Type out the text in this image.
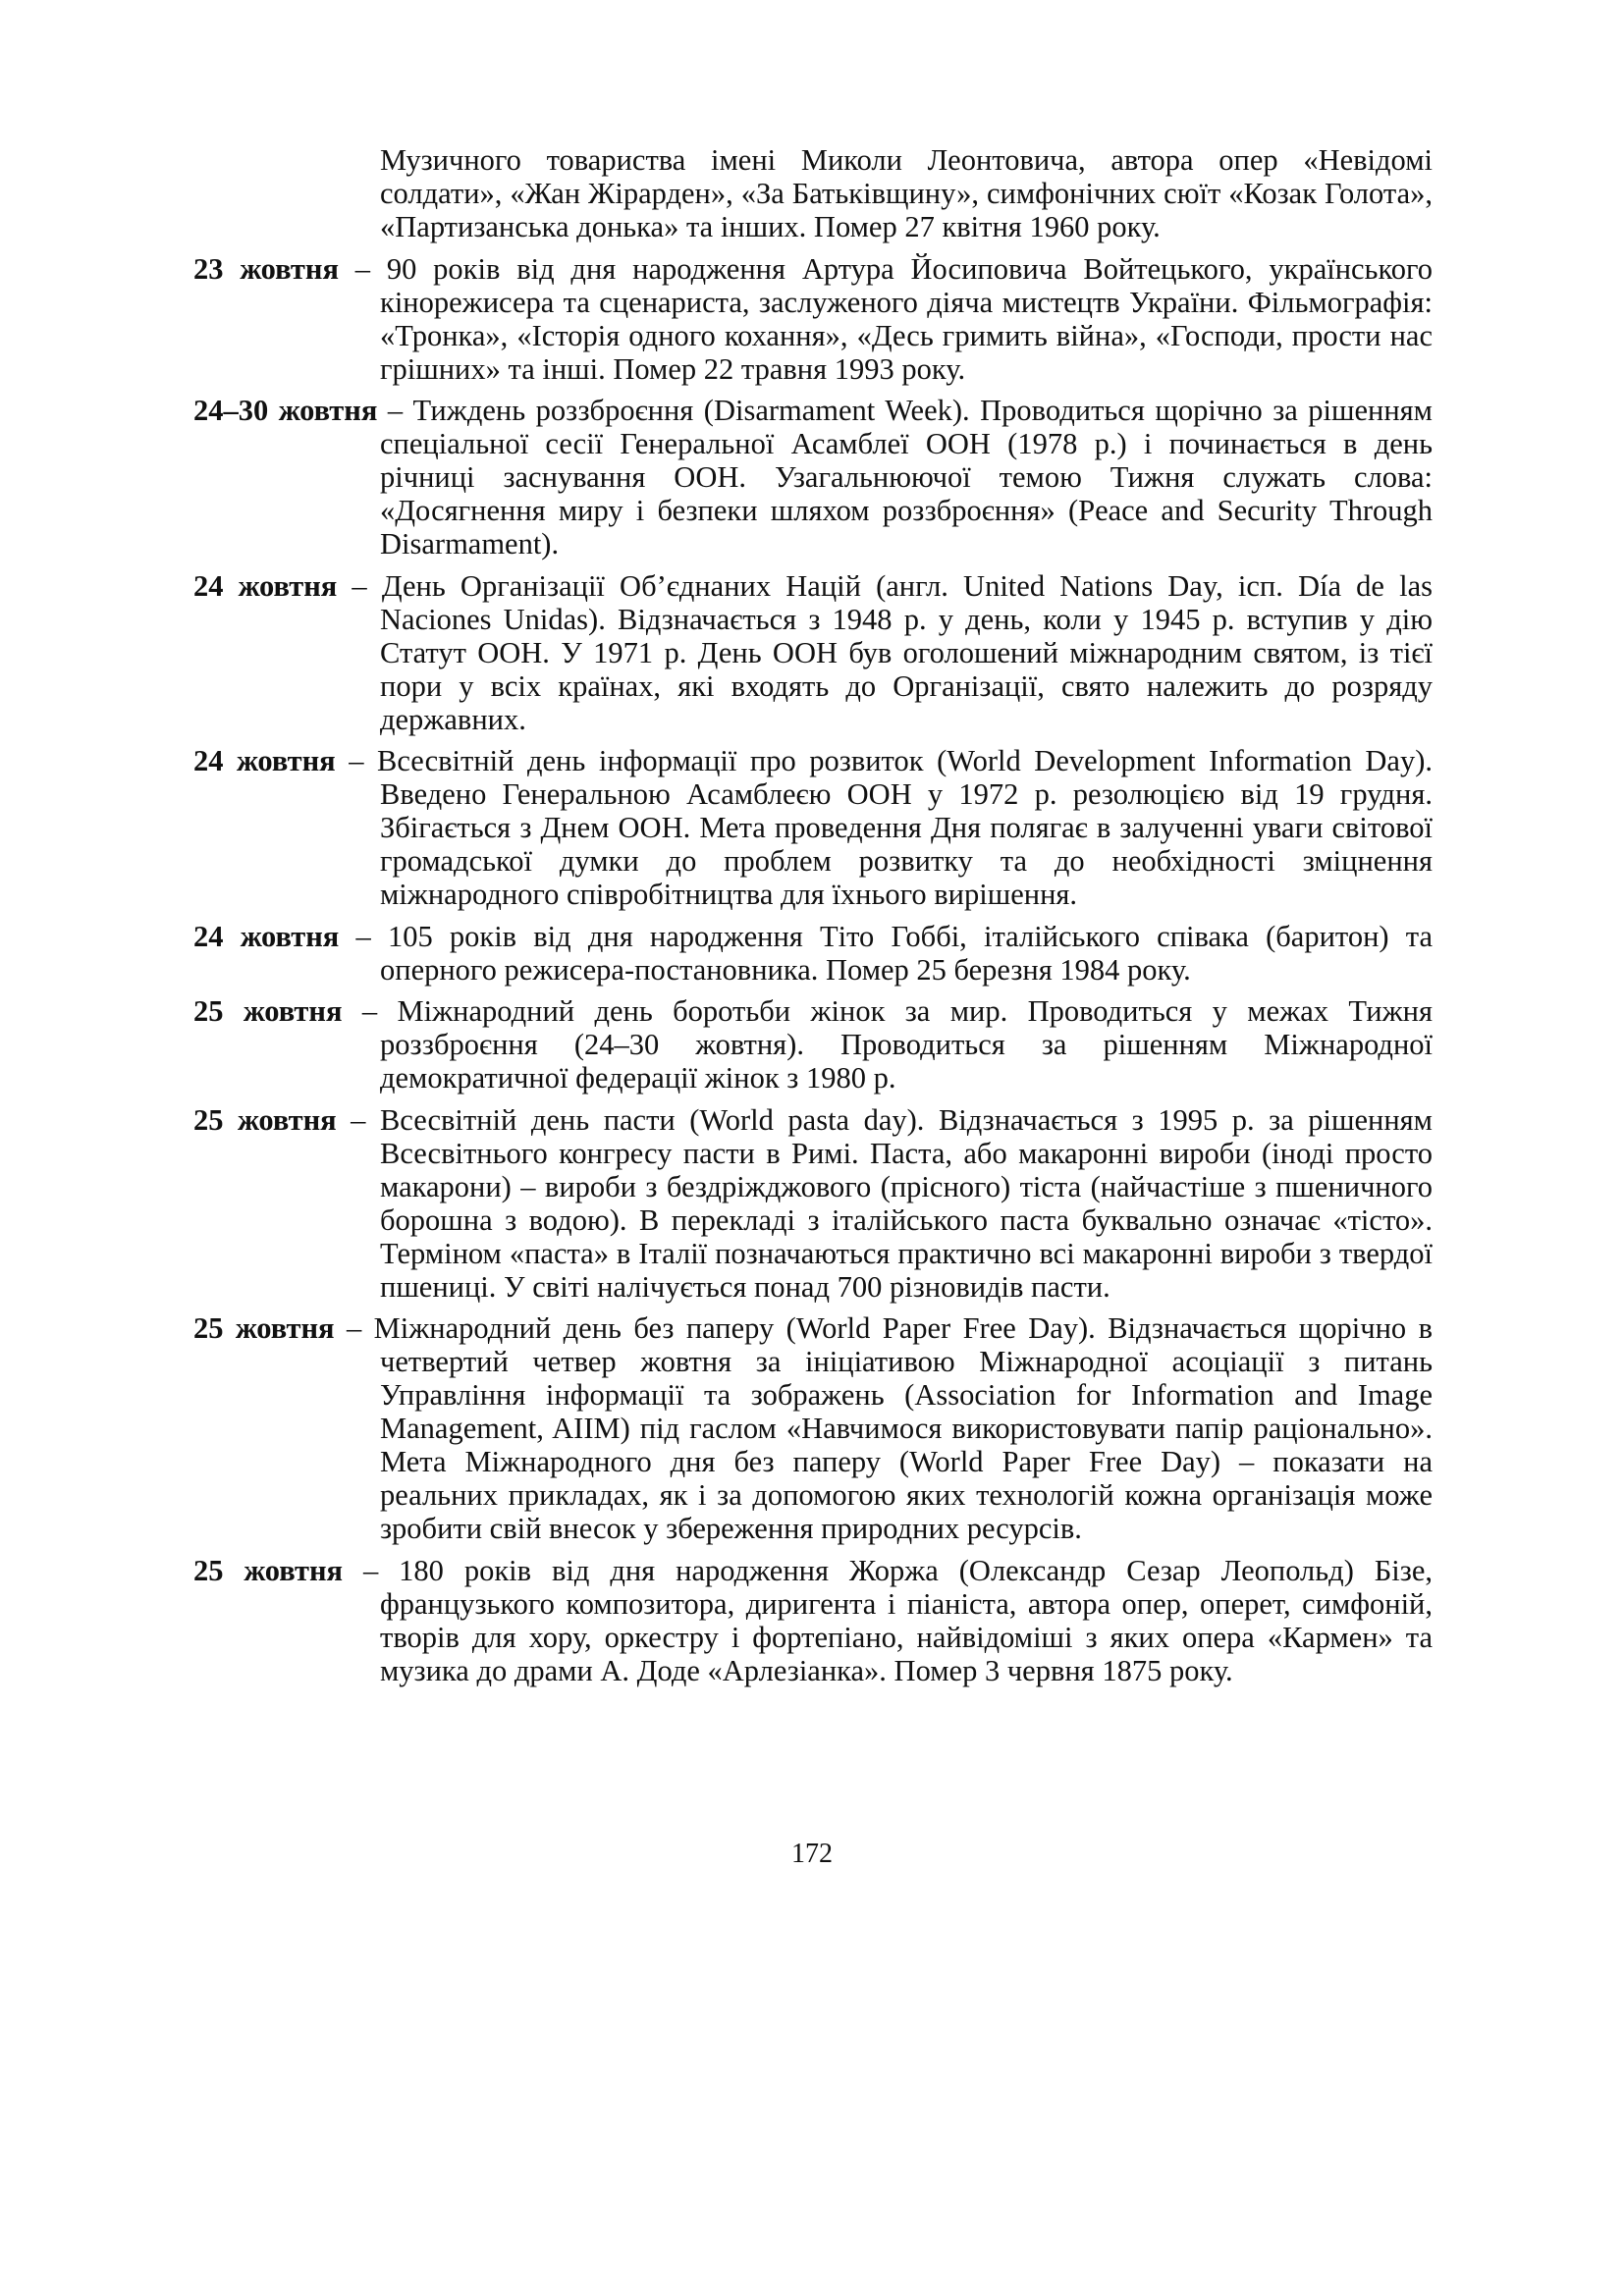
Музичного товариства імені Миколи Леонтовича, автора опер «Невідомі солдати», «Жан Жірарден», «За Батьківщину», симфонічних сюїт «Козак Голота», «Партизанська донька» та інших. Помер 27 квітня 1960 року.

23 жовтня – 90 років від дня народження Артура Йосиповича Войтецького, українського кінорежисера та сценариста, заслуженого діяча мистецтв України. Фільмографія: «Тронка», «Історія одного кохання», «Десь гримить війна», «Господи, прости нас грішних» та інші. Помер 22 травня 1993 року.

24–30 жовтня – Тиждень роззброєння (Disarmament Week). Проводиться щорічно за рішенням спеціальної сесії Генеральної Асамблеї ООН (1978 р.) і починається в день річниці заснування ООН. Узагальнюючої темою Тижня служать слова: «Досягнення миру і безпеки шляхом роззброєння» (Peace and Security Through Disarmament).

24 жовтня – День Організації Об’єднаних Націй (англ. United Nations Day, ісп. Día de las Naciones Unidas). Відзначається з 1948 р. у день, коли у 1945 р. вступив у дію Статут ООН. У 1971 р. День ООН був оголошений міжнародним святом, із тієї пори у всіх країнах, які входять до Організації, свято належить до розряду державних.

24 жовтня – Всесвітній день інформації про розвиток (World Development Information Day). Введено Генеральною Асамблеєю ООН у 1972 р. резолюцією від 19 грудня. Збігається з Днем ООН. Мета проведення Дня полягає в залученні уваги світової громадської думки до проблем розвитку та до необхідності зміцнення міжнародного співробітництва для їхнього вирішення.

24 жовтня – 105 років від дня народження Тіто Гоббі, італійського співака (баритон) та оперного режисера-постановника. Помер 25 березня 1984 року.

25 жовтня – Міжнародний день боротьби жінок за мир. Проводиться у межах Тижня роззброєння (24–30 жовтня). Проводиться за рішенням Міжнародної демократичної федерації жінок з 1980 р.

25 жовтня – Всесвітній день пасти (World pasta day). Відзначається з 1995 р. за рішенням Всесвітнього конгресу пасти в Римі. Паста, або макаронні вироби (іноді просто макарони) – вироби з бездріжджового (прісного) тіста (найчастіше з пшеничного борошна з водою). В перекладі з італійського паста буквально означає «тісто». Терміном «паста» в Італії позначаються практично всі макаронні вироби з твердої пшениці. У світі налічується понад 700 різновидів пасти.

25 жовтня – Міжнародний день без паперу (World Paper Free Day). Відзначається щорічно в четвертий четвер жовтня за ініціативою Міжнародної асоціації з питань Управління інформації та зображень (Association for Information and Image Management, AIIM) під гаслом «Навчимося використовувати папір раціонально». Мета Міжнародного дня без паперу (World Paper Free Day) – показати на реальних прикладах, як і за допомогою яких технологій кожна організація може зробити свій внесок у збереження природних ресурсів.

25 жовтня – 180 років від дня народження Жоржа (Олександр Сезар Леопольд) Бізе, французького композитора, диригента і піаніста, автора опер, оперет, симфоній, творів для хору, оркестру і фортепіано, найвідоміші з яких опера «Кармен» та музика до драми А. Доде «Арлезіанка». Помер 3 червня 1875 року.

172
